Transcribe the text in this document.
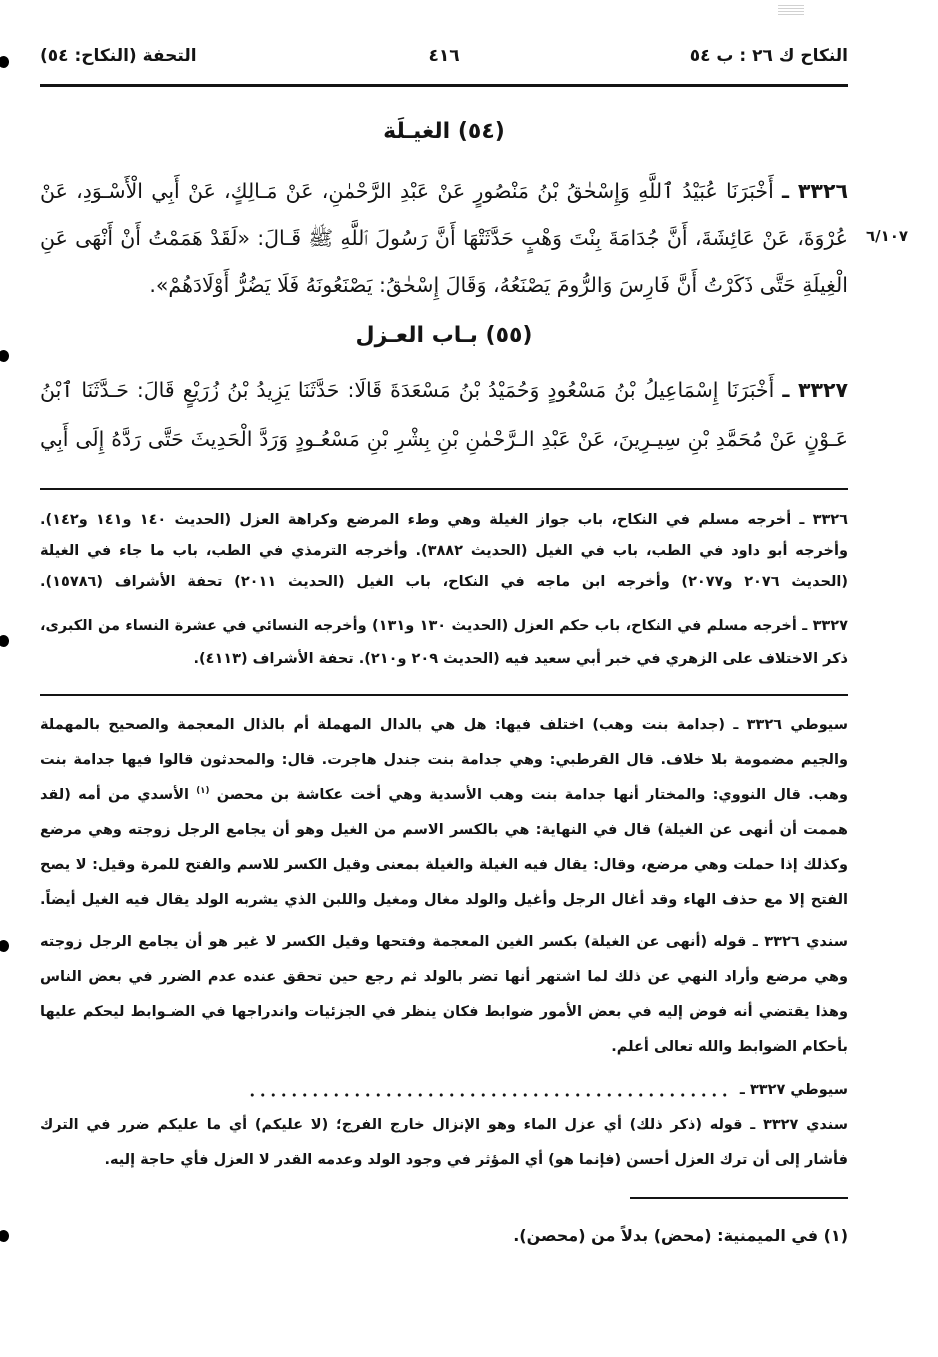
النكاح ك ٢٦ : ب ٥٤
٤١٦
التحفة (النكاح: ٥٤)
(٥٤) الغيـلَة
٣٣٢٦ ـ أَخْبَرَنَا عُبَيْدُ ٱللَّهِ وَإِسْحٰقُ بْنُ مَنْصُورٍ عَنْ عَبْدِ الرَّحْمٰنِ، عَنْ مَـالِكٍ، عَنْ أَبِي الْأَسْـوَدِ، عَنْ
عُرْوَةَ، عَنْ عَائِشَةَ، أَنَّ جُدَامَةَ بِنْتَ وَهْبٍ حَدَّثَتْهَا أَنَّ رَسُولَ ٱللَّهِ ﷺ قَـالَ: «لَقَدْ هَمَمْتُ أَنْ أَنْهَى عَنِ
الْغِيلَةِ حَتَّى ذَكَرْتُ أَنَّ فَارِسَ وَالرُّومَ يَصْنَعُهُ، وَقَالَ إِسْحٰقُ: يَصْنَعُونَهُ فَلَا يَضُرُّ أَوْلَادَهُمْ».
٦/١٠٧
(٥٥) بـاب العـزل
٣٣٢٧ ـ أَخْبَرَنَا إِسْمَاعِيلُ بْنُ مَسْعُودٍ وَحُمَيْدُ بْنُ مَسْعَدَةَ قَالَا: حَدَّثَنَا يَزِيدُ بْنُ زُرَيْعٍ قَالَ: حَـدَّثَنَا ٱبْنُ
عَـوْنٍ عَنْ مُحَمَّدِ بْنِ سِيـرِينَ، عَنْ عَبْدِ الـرَّحْمٰنِ بْنِ بِشْرِ بْنِ مَسْعُـودٍ وَرَدَّ الْحَدِيثَ حَتَّى رَدَّهُ إِلَى أَبِي
٣٣٢٦ ـ أخرجه مسلم في النكاح، باب جواز الغيلة وهي وطء المرضع وكراهة العزل (الحديث ١٤٠ و١٤١ و١٤٢).
وأخرجه أبو داود في الطب، باب في الغيل (الحديث ٣٨٨٢). وأخرجه الترمذي في الطب، باب ما جاء في الغيلة
(الحديث ٢٠٧٦ و٢٠٧٧) وأخرجه ابن ماجه في النكاح، باب الغيل (الحديث ٢٠١١) تحفة الأشراف (١٥٧٨٦).
٣٣٢٧ ـ أخرجه مسلم في النكاح، باب حكم العزل (الحديث ١٣٠ و١٣١) وأخرجه النسائي في عشرة النساء من الكبرى،
ذكر الاختلاف على الزهري في خبر أبي سعيد فيه (الحديث ٢٠٩ و٢١٠). تحفة الأشراف (٤١١٣).
سيوطي ٣٣٢٦ ـ (جدامة بنت وهب) اختلف فيها: هل هي بالدال المهملة أم بالذال المعجمة والصحيح بالمهملة
والجيم مضمومة بلا خلاف. قال القرطبي: وهي جدامة بنت جندل هاجرت. قال: والمحدثون قالوا فيها جدامة بنت
وهب. قال النووي: والمختار أنها جدامة بنت وهب الأسدية وهي أخت عكاشة بن محصن $^{(١)}$ الأسدي من أمه (لقد
هممت أن أنهى عن الغيلة) قال في النهاية: هي بالكسر الاسم من الغيل وهو أن يجامع الرجل زوجته وهي مرضع
وكذلك إذا حملت وهي مرضع، وقال: يقال فيه الغيلة والغيلة بمعنى وقيل الكسر للاسم والفتح للمرة وقيل: لا يصح
الفتح إلا مع حذف الهاء وقد أغال الرجل وأغيل والولد مغال ومغيل واللبن الذي يشربه الولد يقال فيه الغيل أيضاً.
سندي ٣٣٢٦ ـ قوله (أنهى عن الغيلة) بكسر الغين المعجمة وفتحها وقيل الكسر لا غير هو أن يجامع الرجل زوجته
وهي مرضع وأراد النهي عن ذلك لما اشتهر أنها تضر بالولد ثم رجع حين تحقق عنده عدم الضرر في بعض الناس
وهذا يقتضي أنه فوض إليه في بعض الأمور ضوابط فكان ينظر في الجزئيات واندراجها في الضـوابط ليحكم عليها
بأحكام الضوابط والله تعالى أعلم.
سيوطي ٣٣٢٧ ـ
سندي ٣٣٢٧ ـ قوله (ذكر ذلك) أي عزل الماء وهو الإنزال خارج الفرج؛ (لا عليكم) أي ما عليكم ضرر في الترك
فأشار إلى أن ترك العزل أحسن (فإنما هو) أي المؤثر في وجود الولد وعدمه القدر لا العزل فأي حاجة إليه.
(١) في الميمنية: (محض) بدلاً من (محصن).
